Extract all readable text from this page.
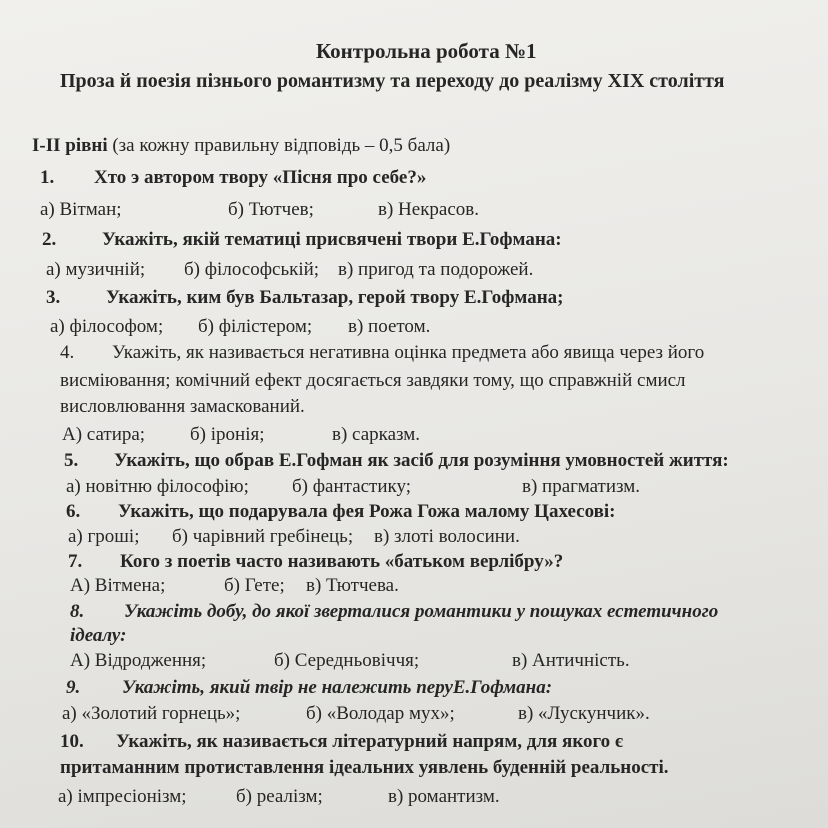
Контрольна робота №1
Проза й поезія пізнього романтизму та переходу до реалізму XIX століття
І-ІІ рівні (за кожну правильну відповідь – 0,5 бала)
1. Хто э автором твору «Пісня про себе?»
а) Вітман;	б) Тютчев;	в) Некрасов.
2. Укажіть, якій тематиці присвячені твори Е.Гофмана:
а) музичній; б) філософській; в) пригод та подорожей.
3. Укажіть, ким був Бальтазар, герой твору Е.Гофмана;
а) філософом; б) філістером; в) поетом.
4. Укажіть, як називається негативна оцінка предмета або явища через його
висміювання; комічний ефект досягається завдяки тому, що справжній смисл
висловлювання замаскований.
А) сатира; б) іронія;	в) сарказм.
5. Укажіть, що обрав Е.Гофман як засіб для розуміння умовностей життя:
а) новітню філософію; б) фантастику;	в) прагматизм.
6. Укажіть, що подарувала фея Рожа Гожа малому Цахесові:
а) гроші; б) чарівний гребінець; в) злоті волосини.
7. Кого з поетів часто називають «батьком верлібру»?
А) Вітмена;	б) Гете; в) Тютчева.
8. Укажіть добу, до якої зверталися романтики у пошуках естетичного
ідеалу:
А) Відродження;	б) Середньовіччя;	в) Античність.
9. Укажіть, який твір не належить перуЕ.Гофмана:
а) «Золотий горнець»;	б) «Володар мух»;	в) «Лускунчик».
10. Укажіть, як називається літературний напрям, для якого є
притаманним протиставлення ідеальних уявлень буденній реальності.
а) імпресіонізм;	б) реалізм;	в) романтизм.
